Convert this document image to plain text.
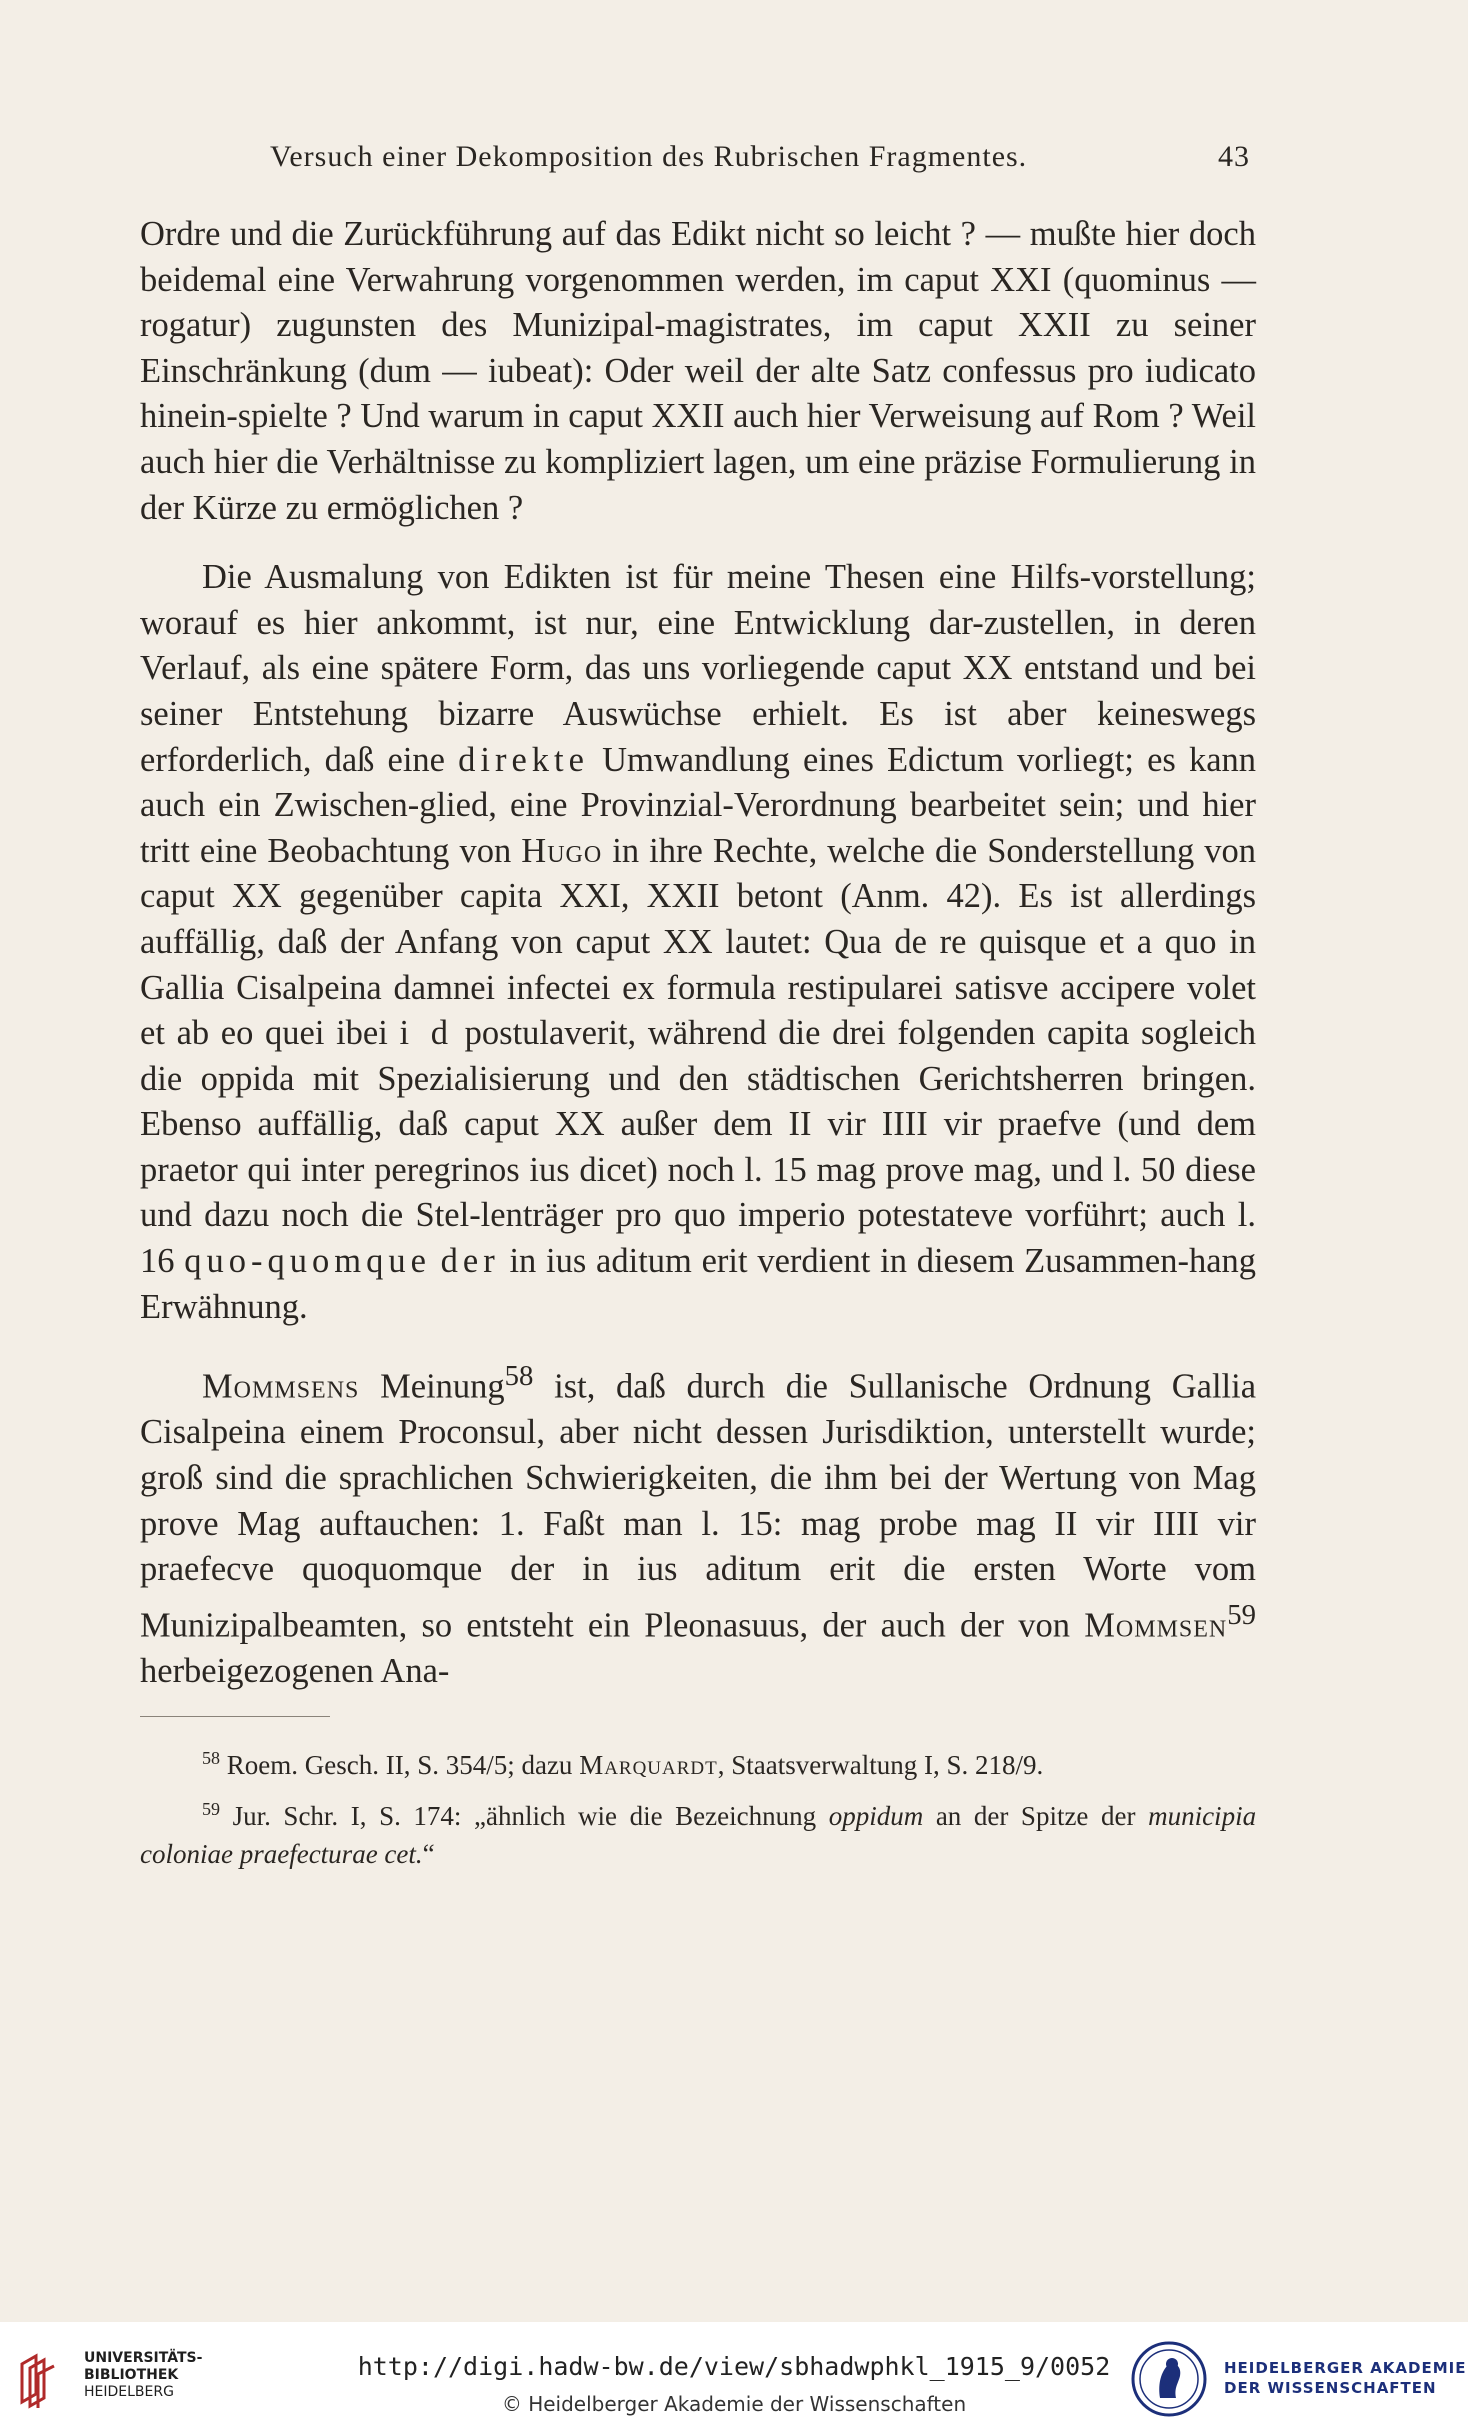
Versuch einer Dekomposition des Rubrischen Fragmentes.	43

Ordre und die Zurückführung auf das Edikt nicht so leicht ? — mußte hier doch beidemal eine Verwahrung vorgenommen werden, im caput XXI (quominus — rogatur) zugunsten des Munizipal-magistrates, im caput XXII zu seiner Einschränkung (dum — iubeat): Oder weil der alte Satz confessus pro iudicato hinein-spielte ? Und warum in caput XXII auch hier Verweisung auf Rom ? Weil auch hier die Verhältnisse zu kompliziert lagen, um eine präzise Formulierung in der Kürze zu ermöglichen ?

Die Ausmalung von Edikten ist für meine Thesen eine Hilfs-vorstellung; worauf es hier ankommt, ist nur, eine Entwicklung dar-zustellen, in deren Verlauf, als eine spätere Form, das uns vorliegende caput XX entstand und bei seiner Entstehung bizarre Auswüchse erhielt. Es ist aber keineswegs erforderlich, daß eine direkte Umwandlung eines Edictum vorliegt; es kann auch ein Zwischen-glied, eine Provinzial-Verordnung bearbeitet sein; und hier tritt eine Beobachtung von Hugo in ihre Rechte, welche die Sonderstellung von caput XX gegenüber capita XXI, XXII betont (Anm. 42). Es ist allerdings auffällig, daß der Anfang von caput XX lautet: Qua de re quisque et a quo in Gallia Cisalpeina damnei infectei ex formula restipularei satisve accipere volet et ab eo quei ibei i d postulaverit, während die drei folgenden capita sogleich die oppida mit Spezialisierung und den städtischen Gerichtsherren bringen. Ebenso auffällig, daß caput XX außer dem II vir IIII vir praefve (und dem praetor qui inter peregrinos ius dicet) noch l. 15 mag prove mag, und l. 50 diese und dazu noch die Stel-lenträger pro quo imperio potestateve vorführt; auch l. 16 quo-quomque der in ius aditum erit verdient in diesem Zusammen-hang Erwähnung.

Mommsens Meinung$^{58}$ ist, daß durch die Sullanische Ordnung Gallia Cisalpeina einem Proconsul, aber nicht dessen Jurisdiktion, unterstellt wurde; groß sind die sprachlichen Schwierigkeiten, die ihm bei der Wertung von Mag prove Mag auftauchen: 1. Faßt man l. 15: mag probe mag II vir IIII vir praefecve quoquomque der in ius aditum erit die ersten Worte vom Munizipalbeamten, so entsteht ein Pleonasuus, der auch der von Mommsen$^{59}$ herbeigezogenen Ana-

$^{58}$ Roem. Gesch. II, S. 354/5; dazu Marquardt, Staatsverwaltung I, S. 218/9.

$^{59}$ Jur. Schr. I, S. 174: „ähnlich wie die Bezeichnung oppidum an der Spitze der municipia coloniae praefecturae cet.“

UNIVERSITÄTS-
BIBLIOTHEK
HEIDELBERG
http://digi.hadw-bw.de/view/sbhadwphkl_1915_9/0052
© Heidelberger Akademie der Wissenschaften
HEIDELBERGER AKADEMIE
DER WISSENSCHAFTEN
